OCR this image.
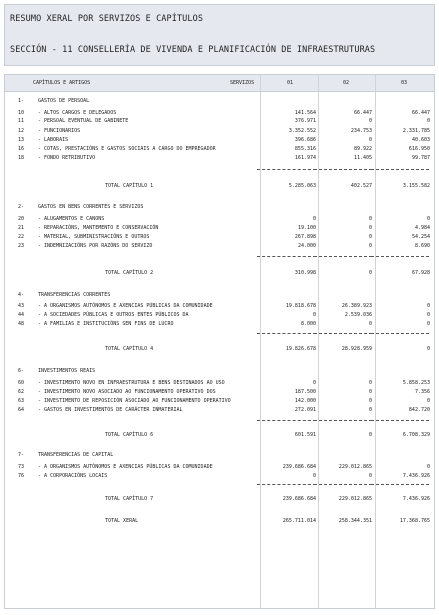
RESUMO XERAL POR SERVIZOS E CAPÍTULOS
SECCIÓN - 11 CONSELLERÍA DE VIVENDA E PLANIFICACIÓN DE INFRAESTRUTURAS
CAPÍTULOS E ARTIGOS	SERVIZOS	01	02	03
1-	GASTOS DE PERSOAL
10	- ALTOS CARGOS E DELEGADOS	141.564	66.447	66.447
11	- PERSOAL EVENTUAL DE GABINETE	376.971	0	0
12	- FUNCIONARIOS	3.352.552	234.753	2.331.785
13	- LABORAIS	396.686	0	40.603
16	- COTAS, PRESTACIÓNS E GASTOS SOCIAIS A CARGO DO EMPREGADOR	855.316	89.922	616.950
18	- FONDO RETRIBUTIVO	161.974	11.405	99.787
TOTAL CAPÍTULO 1	5.285.063	402.527	3.155.582
2-	GASTOS EN BENS CORRENTES E SERVIZOS
20	- ALUGAMENTOS E CANONS	0	0	0
21	- REPARACIÓNS, MANTEMENTO E CONSERVACIÓN	19.100	0	4.984
22	- MATERIAL, SUBMINISTRACIÓNS E OUTROS	267.898	0	54.254
23	- INDEMNIZACIÓNS POR RAZÓNS DO SERVIZO	24.000	0	8.690
TOTAL CAPÍTULO 2	310.998	0	67.928
4-	TRANSFERENCIAS CORRENTES
43	- A ORGANISMOS AUTÓNOMOS E AXENCIAS PÚBLICAS DA COMUNIDADE	19.818.678	26.389.923	0
44	- A SOCIEDADES PÚBLICAS E OUTROS ENTES PÚBLICOS DA	0	2.539.036	0
48	- A FAMILIAS E INSTITUCIÓNS SEN FINS DE LUCRO	8.000	0	0
TOTAL CAPÍTULO 4	19.826.678	28.928.959	0
6-	INVESTIMENTOS REAIS
60	- INVESTIMENTO NOVO EN INFRAESTRUTURA E BENS DESTINADOS AO USO	0	0	5.858.253
62	- INVESTIMENTO NOVO ASOCIADO AO FUNCIONAMENTO OPERATIVO DOS	187.500	0	7.356
63	- INVESTIMENTO DE REPOSICIÓN ASOCIADO AO FUNCIONAMENTO OPERATIVO	142.000	0	0
64	- GASTOS EN INVESTIMENTOS DE CARÁCTER INMATERIAL	272.091	0	842.720
TOTAL CAPÍTULO 6	601.591	0	6.708.329
7-	TRANSFERENCIAS DE CAPITAL
73	- A ORGANISMOS AUTÓNOMOS E AXENCIAS PÚBLICAS DA COMUNIDADE	239.686.684	229.012.865	0
76	- A CORPORACIÓNS LOCAIS	0	0	7.436.926
TOTAL CAPÍTULO 7	239.686.684	229.012.865	7.436.926
TOTAL XERAL	265.711.014	258.344.351	17.368.765
